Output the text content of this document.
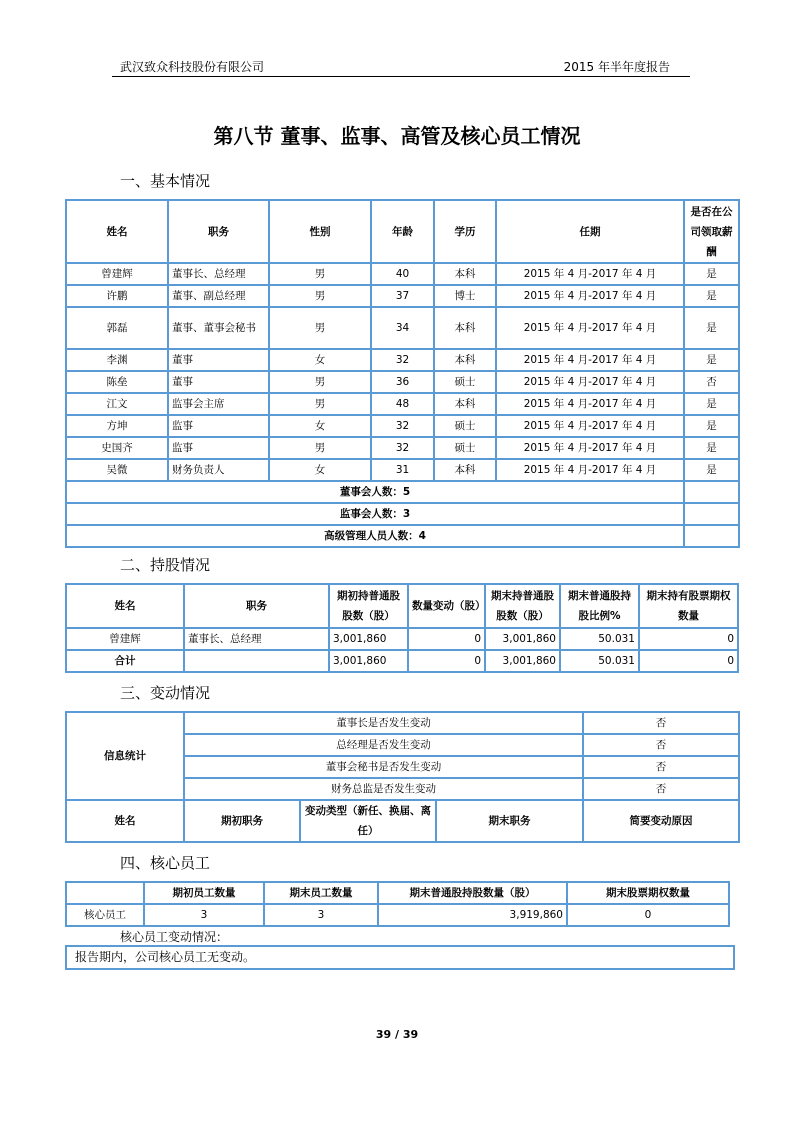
武汉致众科技股份有限公司	2015 年半年度报告
第八节 董事、监事、高管及核心员工情况
一、基本情况
姓名	职务	性别	年龄	学历	任期	是否在公司领取薪酬
曾建辉	董事长、总经理	男	40	本科	2015 年 4 月-2017 年 4 月	是
许鹏	董事、副总经理	男	37	博士	2015 年 4 月-2017 年 4 月	是
郭磊	董事、董事会秘书	男	34	本科	2015 年 4 月-2017 年 4 月	是
李渊	董事	女	32	本科	2015 年 4 月-2017 年 4 月	是
陈垒	董事	男	36	硕士	2015 年 4 月-2017 年 4 月	否
江文	监事会主席	男	48	本科	2015 年 4 月-2017 年 4 月	是
方坤	监事	女	32	硕士	2015 年 4 月-2017 年 4 月	是
史国齐	监事	男	32	硕士	2015 年 4 月-2017 年 4 月	是
吴微	财务负责人	女	31	本科	2015 年 4 月-2017 年 4 月	是
董事会人数：5						
监事会人数：3						
高级管理人员人数：4						
二、持股情况
姓名	职务	期初持普通股股数（股）	数量变动（股）	期末持普通股股数（股）	期末普通股持股比例%	期末持有股票期权数量
曾建辉	董事长、总经理	3,001,860	0	3,001,860	50.031	0
合计		3,001,860	0	3,001,860	50.031	0
三、变动情况
信息统计	董事长是否发生变动			否
	总经理是否发生变动			否
	董事会秘书是否发生变动			否
	财务总监是否发生变动			否
姓名	期初职务	变动类型（新任、换届、离任）	期末职务	简要变动原因
四、核心员工
	期初员工数量	期末员工数量	期末普通股持股数量（股）	期末股票期权数量
核心员工	3	3	3,919,860	0
核心员工变动情况：
报告期内，公司核心员工无变动。
39 / 39
